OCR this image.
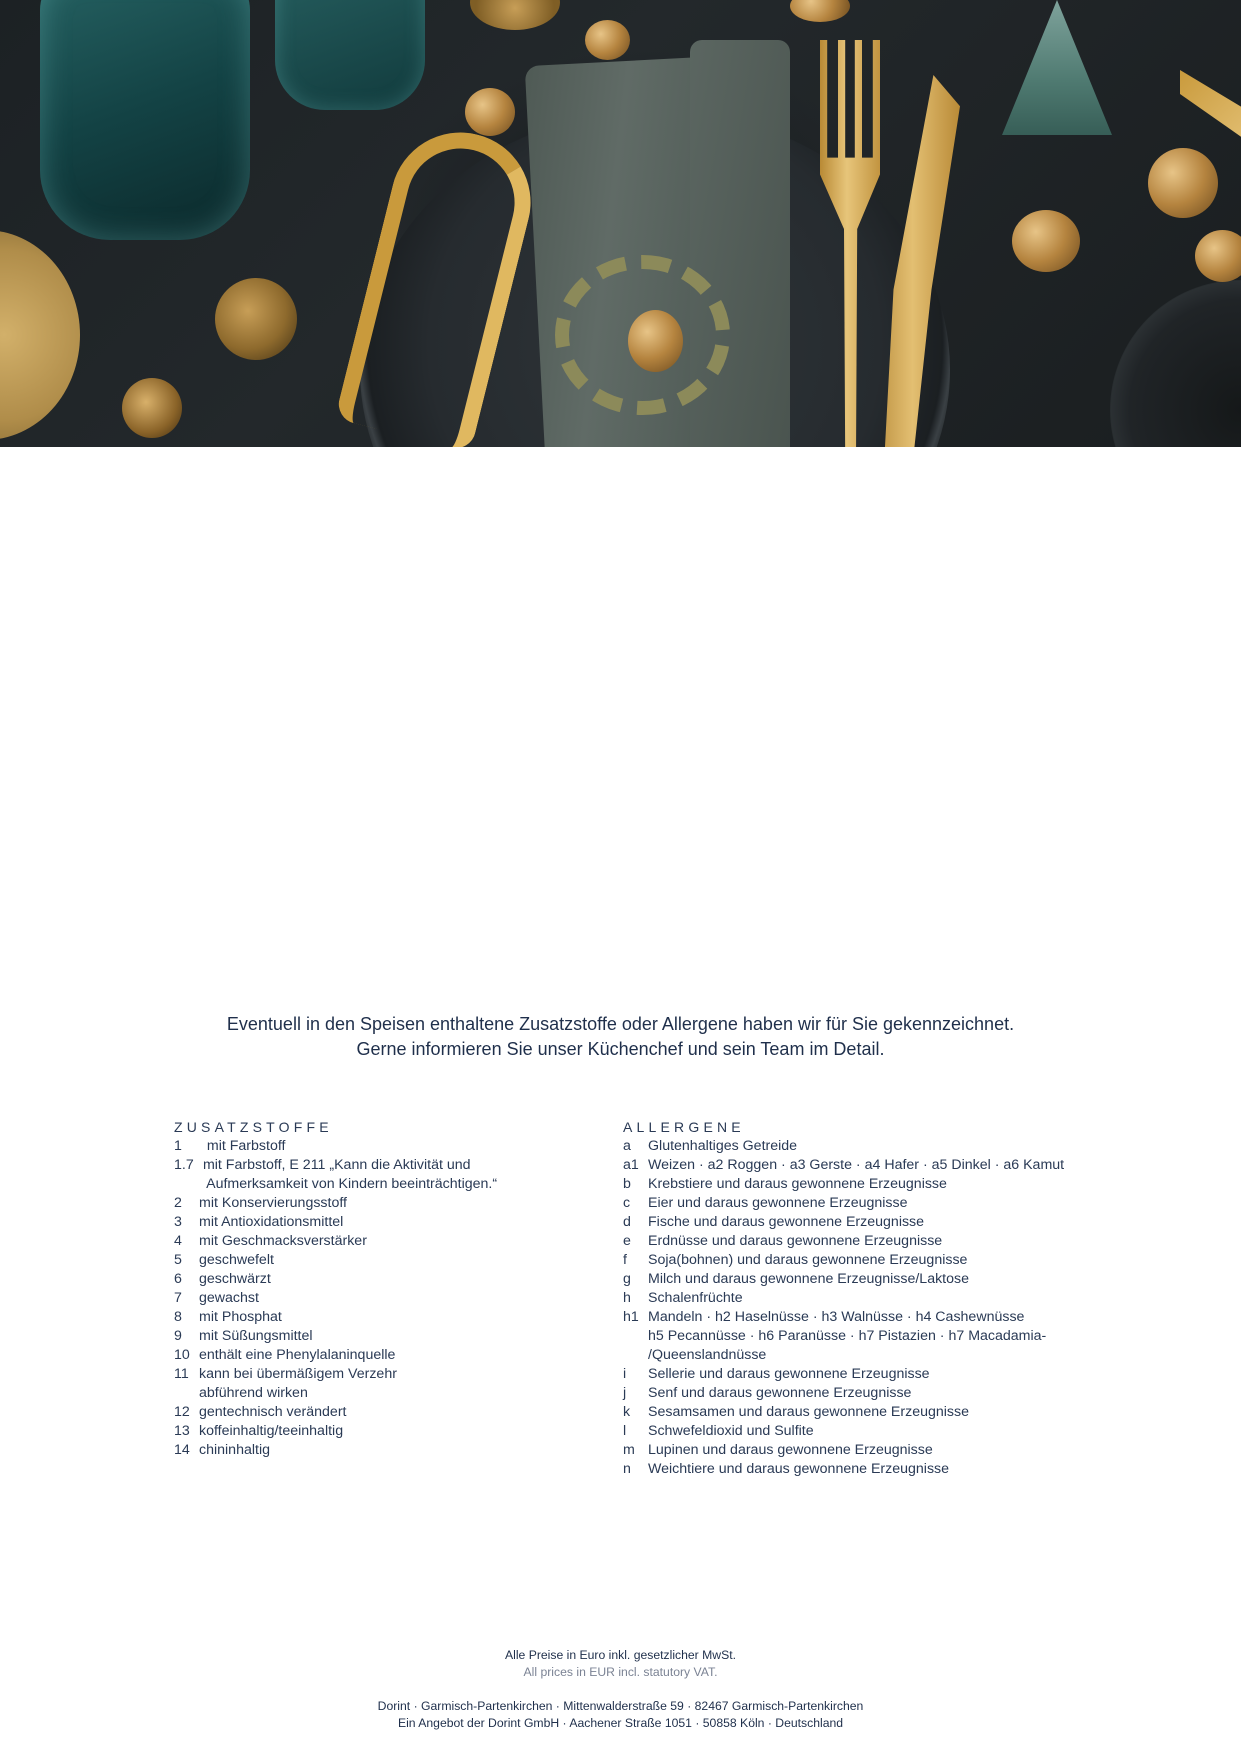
Eventuell in den Speisen enthaltene Zusatzstoffe oder Allergene haben wir für Sie gekennzeichnet.
Gerne informieren Sie unser Küchenchef und sein Team im Detail.
ZUSATZSTOFFE
1	mit Farbstoff
1.7 mit Farbstoff, E 211 „Kann die Aktivität und
Aufmerksamkeit von Kindern beeinträchtigen.“
2	mit Konservierungsstoff
3	mit Antioxidationsmittel
4	mit Geschmacksverstärker
5	geschwefelt
6	geschwärzt
7	gewachst
8	mit Phosphat
9	mit Süßungsmittel
10 enthält eine Phenylalaninquelle
11 kann bei übermäßigem Verzehr
abführend wirken
12 gentechnisch verändert
13 koffeinhaltig/teeinhaltig
14 chininhaltig
ALLERGENE
a	Glutenhaltiges Getreide
a1 Weizen · a2 Roggen · a3 Gerste · a4 Hafer · a5 Dinkel · a6 Kamut
b	Krebstiere und daraus gewonnene Erzeugnisse
c	Eier und daraus gewonnene Erzeugnisse
d	Fische und daraus gewonnene Erzeugnisse
e	Erdnüsse und daraus gewonnene Erzeugnisse
f	Soja(bohnen) und daraus gewonnene Erzeugnisse
g	Milch und daraus gewonnene Erzeugnisse/Laktose
h	Schalenfrüchte
h1 Mandeln · h2 Haselnüsse · h3 Walnüsse · h4 Cashewnüsse
h5 Pecannüsse · h6 Paranüsse · h7 Pistazien · h7 Macadamia-
/Queenslandnüsse
i	Sellerie und daraus gewonnene Erzeugnisse
j	Senf und daraus gewonnene Erzeugnisse
k	Sesamsamen und daraus gewonnene Erzeugnisse
l	Schwefeldioxid und Sulfite
m Lupinen und daraus gewonnene Erzeugnisse
n	Weichtiere und daraus gewonnene Erzeugnisse
Alle Preise in Euro inkl. gesetzlicher MwSt.
All prices in EUR incl. statutory VAT.
Dorint · Garmisch-Partenkirchen · Mittenwalderstraße 59 · 82467 Garmisch-Partenkirchen
Ein Angebot der Dorint GmbH · Aachener Straße 1051 · 50858 Köln · Deutschland
